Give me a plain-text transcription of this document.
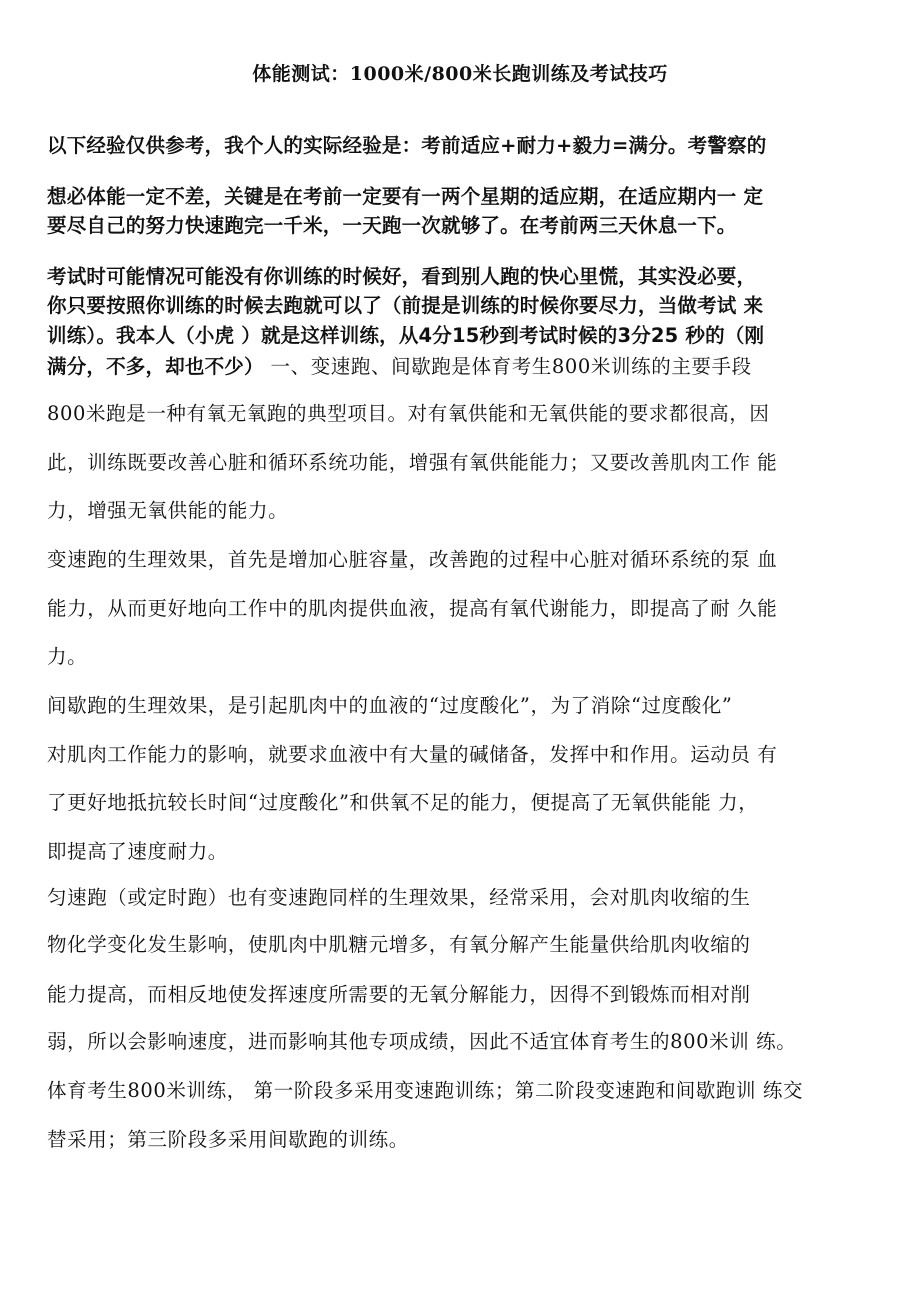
体能测试：1000米/800米长跑训练及考试技巧
以下经验仅供参考，我个人的实际经验是：考前适应+耐力+毅力=满分。考警察的
想必体能一定不差，关键是在考前一定要有一两个星期的适应期，在适应期内一 定
要尽自己的努力快速跑完一千米，一天跑一次就够了。在考前两三天休息一下。
考试时可能情况可能没有你训练的时候好，看到别人跑的快心里慌，其实没必要，
你只要按照你训练的时候去跑就可以了（前提是训练的时候你要尽力，当做考试 来
训练）。我本人（小虎 ）就是这样训练，从4分15秒到考试时候的3分25 秒的（刚
满分，不多，却也不少） 一、变速跑、间歇跑是体育考生800米训练的主要手段
800米跑是一种有氧无氧跑的典型项目。对有氧供能和无氧供能的要求都很高，因
此，训练既要改善心脏和循环系统功能，增强有氧供能能力；又要改善肌肉工作 能
力，增强无氧供能的能力。
变速跑的生理效果，首先是增加心脏容量，改善跑的过程中心脏对循环系统的泵 血
能力，从而更好地向工作中的肌肉提供血液，提高有氧代谢能力，即提高了耐 久能
力。
间歇跑的生理效果，是引起肌肉中的血液的“过度酸化”，为了消除“过度酸化”
对肌肉工作能力的影响，就要求血液中有大量的碱储备，发挥中和作用。运动员 有
了更好地抵抗较长时间“过度酸化”和供氧不足的能力，便提高了无氧供能能 力，
即提高了速度耐力。
匀速跑（或定时跑）也有变速跑同样的生理效果，经常采用，会对肌肉收缩的生
物化学变化发生影响，使肌肉中肌糖元增多，有氧分解产生能量供给肌肉收缩的
能力提高，而相反地使发挥速度所需要的无氧分解能力，因得不到锻炼而相对削
弱，所以会影响速度，进而影响其他专项成绩，因此不适宜体育考生的800米训 练。
体育考生800米训练， 第一阶段多采用变速跑训练；第二阶段变速跑和间歇跑训 练交
替采用；第三阶段多采用间歇跑的训练。
